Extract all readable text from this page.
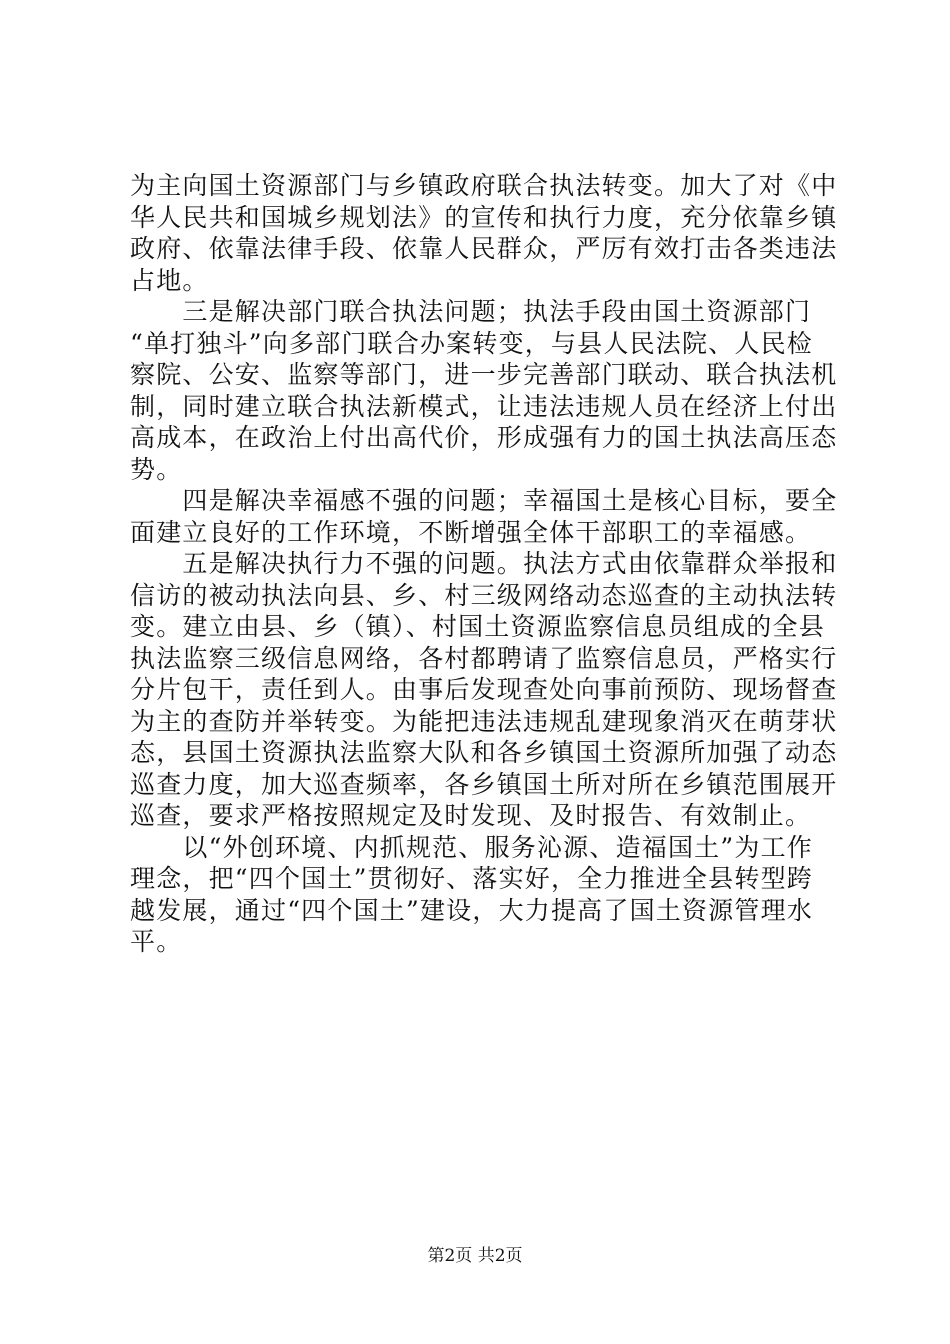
为主向国土资源部门与乡镇政府联合执法转变。加大了对《中
华人民共和国城乡规划法》的宣传和执行力度，充分依靠乡镇
政府、依靠法律手段、依靠人民群众，严厉有效打击各类违法
占地。
　　三是解决部门联合执法问题；执法手段由国土资源部门
“单打独斗”向多部门联合办案转变，与县人民法院、人民检
察院、公安、监察等部门，进一步完善部门联动、联合执法机
制，同时建立联合执法新模式，让违法违规人员在经济上付出
高成本，在政治上付出高代价，形成强有力的国土执法高压态
势。
　　四是解决幸福感不强的问题；幸福国土是核心目标，要全
面建立良好的工作环境，不断增强全体干部职工的幸福感。
　　五是解决执行力不强的问题。执法方式由依靠群众举报和
信访的被动执法向县、乡、村三级网络动态巡查的主动执法转
变。建立由县、乡（镇）、村国土资源监察信息员组成的全县
执法监察三级信息网络，各村都聘请了监察信息员，严格实行
分片包干，责任到人。由事后发现查处向事前预防、现场督查
为主的查防并举转变。为能把违法违规乱建现象消灭在萌芽状
态，县国土资源执法监察大队和各乡镇国土资源所加强了动态
巡查力度，加大巡查频率，各乡镇国土所对所在乡镇范围展开
巡查，要求严格按照规定及时发现、及时报告、有效制止。
　　以“外创环境、内抓规范、服务沁源、造福国土”为工作
理念，把“四个国土”贯彻好、落实好，全力推进全县转型跨
越发展，通过“四个国土”建设，大力提高了国土资源管理水
平。
第2页 共2页
